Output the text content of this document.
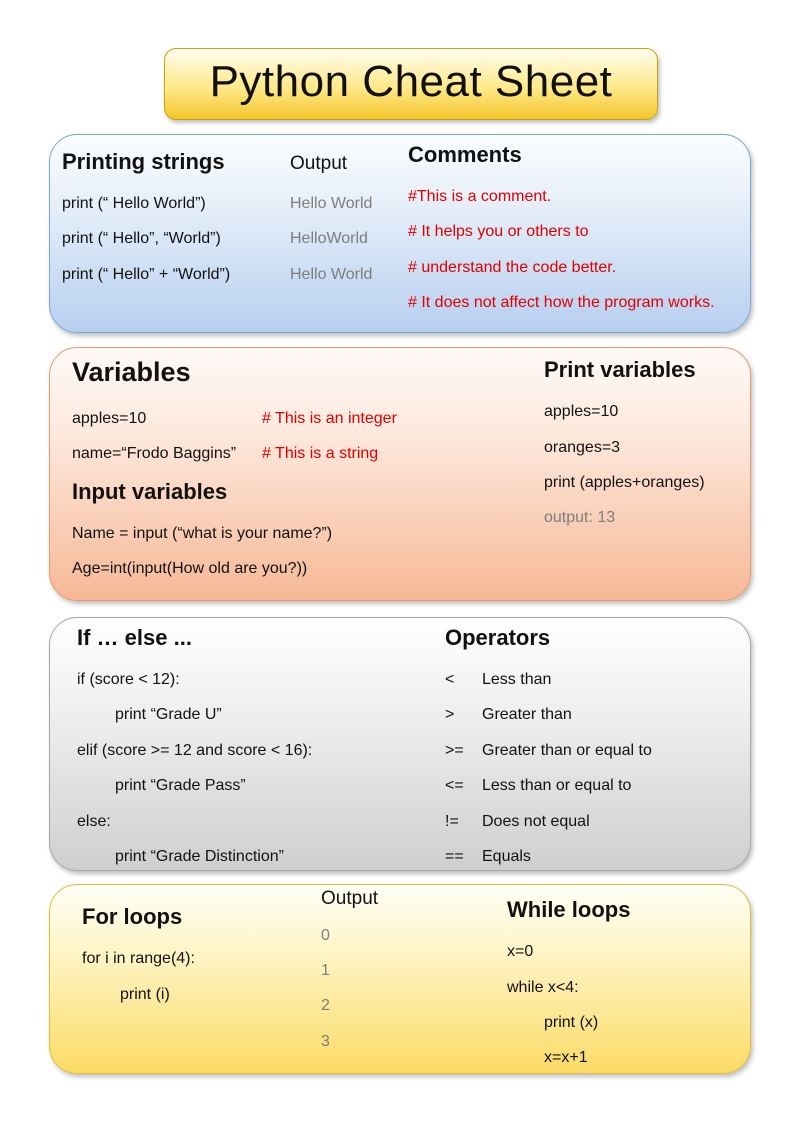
Python Cheat Sheet
Printing strings	Output
print (“ Hello World”)	Hello World
print (“ Hello”, “World”)	HelloWorld
print (“ Hello” + “World”)	Hello World
Comments
#This is a comment.
# It helps you or others to
# understand the code better.
# It does not affect how the program works.
Variables
apples=10	# This is an integer
name=“Frodo Baggins” # This is a string
Input variables
Name = input (“what is your name?”)
Age=int(input(How old are you?))
Print variables
apples=10
oranges=3
print (apples+oranges)
output: 13
If … else ...
if (score < 12):
print “Grade U”
elif (score >= 12 and score < 16):
print “Grade Pass”
else:
print “Grade Distinction”
Operators
< Less than
> Greater than
>= Greater than or equal to
<= Less than or equal to
!= Does not equal
== Equals
For loops
for i in range(4):
print (i)
Output
0
1
2
3
While loops
x=0
while x<4:
print (x)
x=x+1
